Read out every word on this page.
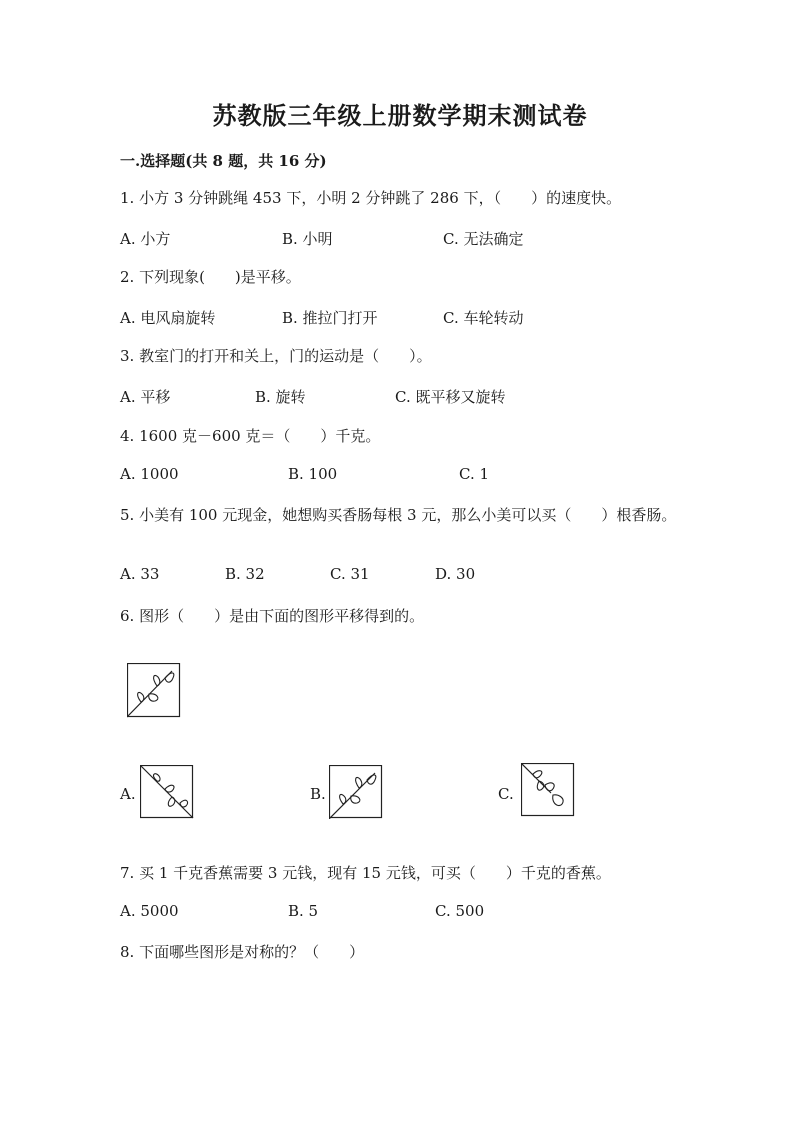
苏教版三年级上册数学期末测试卷
一.选择题(共 8 题，共 16 分)
1. 小方 3 分钟跳绳 453 下，小明 2 分钟跳了 286 下，（　　）的速度快。
A. 小方	B. 小明	C. 无法确定
2. 下列现象(　　)是平移。
A. 电风扇旋转	B. 推拉门打开	C. 车轮转动
3. 教室门的打开和关上，门的运动是（　　）。
A. 平移	B. 旋转	C. 既平移又旋转
4. 1600 克－600 克＝（　　）千克。
A. 1000	B. 100	C. 1
5. 小美有 100 元现金，她想购买香肠每根 3 元，那么小美可以买（　　）根香肠。
A. 33	B. 32	C. 31	D. 30
6. 图形（　　）是由下面的图形平移得到的。
A.	B.	C.
7. 买 1 千克香蕉需要 3 元钱，现有 15 元钱，可买（　　）千克的香蕉。
A. 5000	B. 5	C. 500
8. 下面哪些图形是对称的？（　　）
